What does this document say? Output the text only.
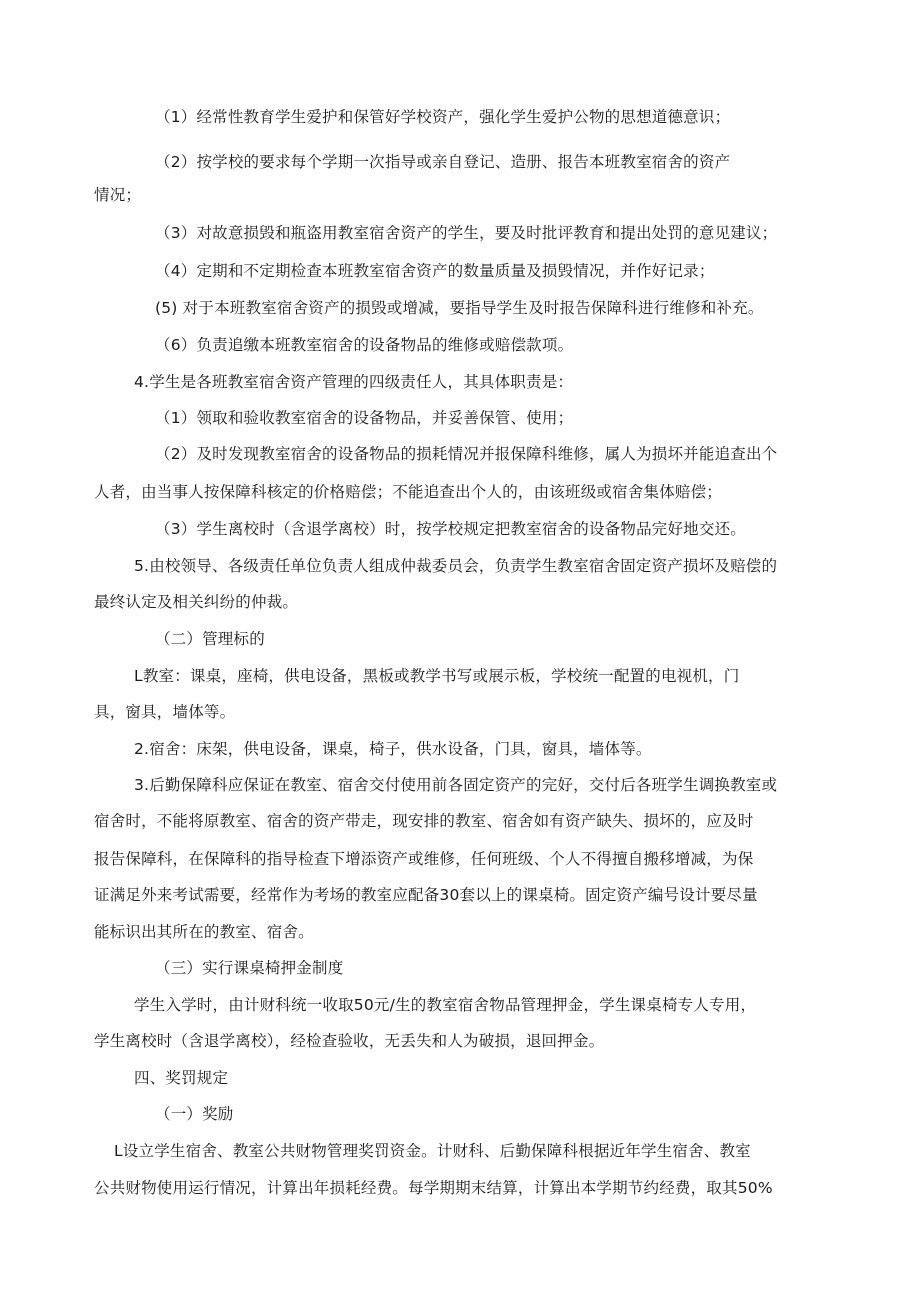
（1）经常性教育学生爱护和保管好学校资产，强化学生爱护公物的思想道德意识；
（2）按学校的要求每个学期一次指导或亲自登记、造册、报告本班教室宿舍的资产
情况；
（3）对故意损毁和瓶盗用教室宿舍资产的学生，要及时批评教育和提出处罚的意见建议；
（4）定期和不定期检查本班教室宿舍资产的数量质量及损毁情况，并作好记录；
(5) 对于本班教室宿舍资产的损毁或增减，要指导学生及时报告保障科进行维修和补充。
（6）负责追缴本班教室宿舍的设备物品的维修或赔偿款项。
4.学生是各班教室宿舍资产管理的四级责任人，其具体职责是：
（1）领取和验收教室宿舍的设备物品，并妥善保管、使用；
（2）及时发现教室宿舍的设备物品的损耗情况并报保障科维修，属人为损坏并能追查出个
人者，由当事人按保障科核定的价格赔偿；不能追查出个人的，由该班级或宿舍集体赔偿；
（3）学生离校时（含退学离校）时，按学校规定把教室宿舍的设备物品完好地交还。
5.由校领导、各级责任单位负责人组成仲裁委员会，负责学生教室宿舍固定资产损坏及赔偿的
最终认定及相关纠纷的仲裁。
（二）管理标的
L教室：课桌，座椅，供电设备，黑板或教学书写或展示板，学校统一配置的电视机，门
具，窗具，墙体等。
2.宿舍：床架，供电设备，课桌，椅子，供水设备，门具，窗具，墙体等。
3.后勤保障科应保证在教室、宿舍交付使用前各固定资产的完好，交付后各班学生调换教室或
宿舍时，不能将原教室、宿舍的资产带走，现安排的教室、宿舍如有资产缺失、损坏的，应及时
报告保障科，在保障科的指导检查下增添资产或维修，任何班级、个人不得擅自搬移增减，为保
证满足外来考试需要，经常作为考场的教室应配备30套以上的课桌椅。固定资产编号设计要尽量
能标识出其所在的教室、宿舍。
（三）实行课桌椅押金制度
学生入学时，由计财科统一收取50元/生的教室宿舍物品管理押金，学生课桌椅专人专用，
学生离校时（含退学离校），经检查验收，无丢失和人为破损，退回押金。
四、奖罚规定
（一）奖励
L设立学生宿舍、教室公共财物管理奖罚资金。计财科、后勤保障科根据近年学生宿舍、教室
公共财物使用运行情况，计算出年损耗经费。每学期期末结算，计算出本学期节约经费，取其50%
